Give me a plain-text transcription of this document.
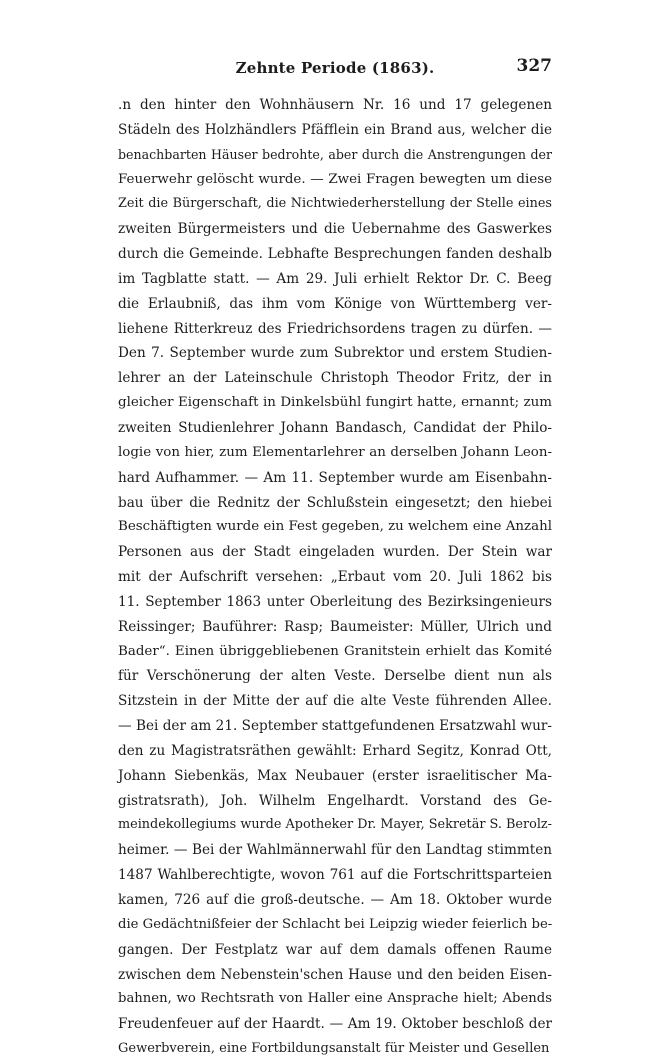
Zehnte Periode (1863).	327
.n den hinter den Wohnhäusern Nr. 16 und 17 gelegenen
Städeln des Holzhändlers Pfäfflein ein Brand aus, welcher die
benachbarten Häuser bedrohte, aber durch die Anstrengungen der
Feuerwehr gelöscht wurde. — Zwei Fragen bewegten um diese
Zeit die Bürgerschaft, die Nichtwiederherstellung der Stelle eines
zweiten Bürgermeisters und die Uebernahme des Gaswerkes
durch die Gemeinde. Lebhafte Besprechungen fanden deshalb
im Tagblatte statt. — Am 29. Juli erhielt Rektor Dr. C. Beeg
die Erlaubniß, das ihm vom Könige von Württemberg ver-
liehene Ritterkreuz des Friedrichsordens tragen zu dürfen. —
Den 7. September wurde zum Subrektor und erstem Studien-
lehrer an der Lateinschule Christoph Theodor Fritz, der in
gleicher Eigenschaft in Dinkelsbühl fungirt hatte, ernannt; zum
zweiten Studienlehrer Johann Bandasch, Candidat der Philo-
logie von hier, zum Elementarlehrer an derselben Johann Leon-
hard Aufhammer. — Am 11. September wurde am Eisenbahn-
bau über die Rednitz der Schlußstein eingesetzt; den hiebei
Beschäftigten wurde ein Fest gegeben, zu welchem eine Anzahl
Personen aus der Stadt eingeladen wurden. Der Stein war
mit der Aufschrift versehen: „Erbaut vom 20. Juli 1862 bis
11. September 1863 unter Oberleitung des Bezirksingenieurs
Reissinger; Bauführer: Rasp; Baumeister: Müller, Ulrich und
Bader“. Einen übriggebliebenen Granitstein erhielt das Komité
für Verschönerung der alten Veste. Derselbe dient nun als
Sitzstein in der Mitte der auf die alte Veste führenden Allee.
— Bei der am 21. September stattgefundenen Ersatzwahl wur-
den zu Magistratsräthen gewählt: Erhard Segitz, Konrad Ott,
Johann Siebenkäs, Max Neubauer (erster israelitischer Ma-
gistratsrath), Joh. Wilhelm Engelhardt. Vorstand des Ge-
meindekollegiums wurde Apotheker Dr. Mayer, Sekretär S. Berolz-
heimer. — Bei der Wahlmännerwahl für den Landtag stimmten
1487 Wahlberechtigte, wovon 761 auf die Fortschrittsparteien
kamen, 726 auf die groß-deutsche. — Am 18. Oktober wurde
die Gedächtnißfeier der Schlacht bei Leipzig wieder feierlich be-
gangen. Der Festplatz war auf dem damals offenen Raume
zwischen dem Nebenstein'schen Hause und den beiden Eisen-
bahnen, wo Rechtsrath von Haller eine Ansprache hielt; Abends
Freudenfeuer auf der Haardt. — Am 19. Oktober beschloß der
Gewerbverein, eine Fortbildungsanstalt für Meister und Gesellen
